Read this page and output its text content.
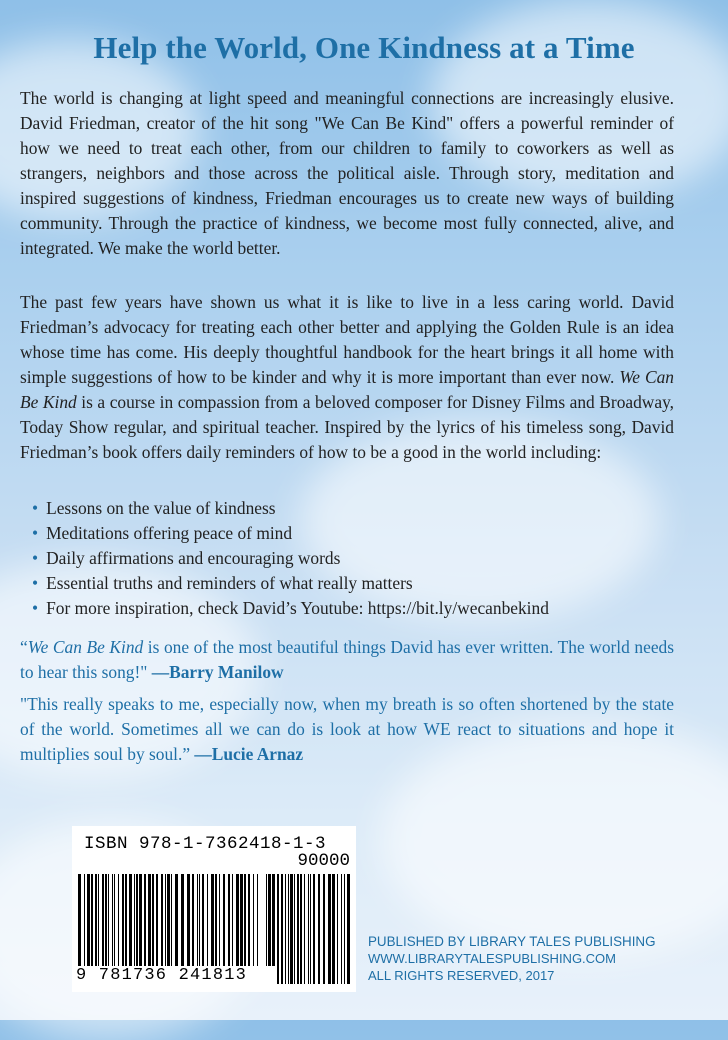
Help the World, One Kindness at a Time

The world is changing at light speed and meaningful connections are increasingly elusive. David Friedman, creator of the hit song "We Can Be Kind" offers a powerful reminder of how we need to treat each other, from our children to family to coworkers as well as strangers, neighbors and those across the political aisle. Through story, meditation and inspired suggestions of kindness, Friedman encourages us to create new ways of building community. Through the practice of kindness, we become most fully connected, alive, and integrated. We make the world better.

The past few years have shown us what it is like to live in a less caring world. David Friedman’s advocacy for treating each other better and applying the Golden Rule is an idea whose time has come. His deeply thoughtful handbook for the heart brings it all home with simple suggestions of how to be kinder and why it is more important than ever now. We Can Be Kind is a course in compassion from a beloved composer for Disney Films and Broadway, Today Show regular, and spiritual teacher. Inspired by the lyrics of his timeless song, David Friedman’s book offers daily reminders of how to be a good in the world including:

• Lessons on the value of kindness
• Meditations offering peace of mind
• Daily affirmations and encouraging words
• Essential truths and reminders of what really matters
• For more inspiration, check David’s Youtube: https://bit.ly/wecanbekind

“We Can Be Kind is one of the most beautiful things David has ever written. The world needs to hear this song!" —Barry Manilow

"This really speaks to me, especially now, when my breath is so often shortened by the state of the world. Sometimes all we can do is look at how WE react to situations and hope it multiplies soul by soul.” —Lucie Arnaz

ISBN 978-1-7362418-1-3
90000
9 781736 241813
PUBLISHED BY LIBRARY TALES PUBLISHING
WWW.LIBRARYTALESPUBLISHING.COM
ALL RIGHTS RESERVED, 2017
